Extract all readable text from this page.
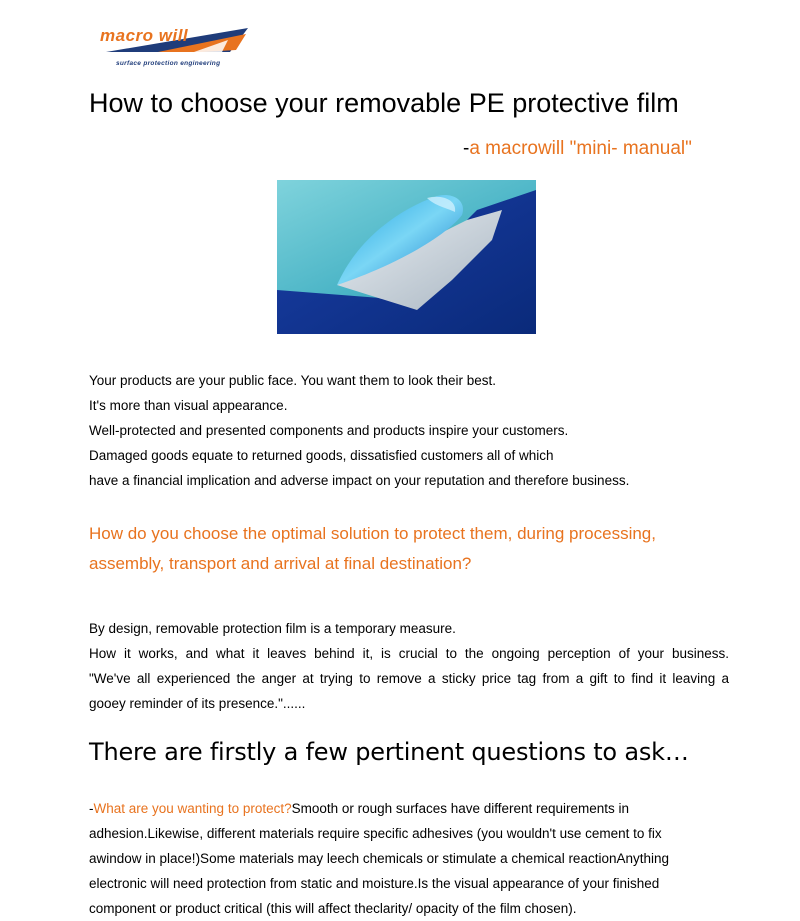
macro will
surface protection engineering
How to choose your removable PE protective film
-a macrowill "mini- manual"

Your products are your public face. You want them to look their best.

It's more than visual appearance.

Well-protected and presented components and products inspire your customers.

Damaged goods equate to returned goods, dissatisfied customers all of which

have a financial implication and adverse impact on your reputation and therefore business.

How do you choose the optimal solution to protect them, during processing,
assembly, transport and arrival at final destination?

By design, removable protection film is a temporary measure.

How it works, and what it leaves behind it, is crucial to the ongoing perception of your business.

"We've all experienced the anger at trying to remove a sticky price tag from a gift to find it leaving a

gooey reminder of its presence."......

There are firstly a few pertinent questions to ask…

-What are you wanting to protect?Smooth or rough surfaces have different requirements in

adhesion.Likewise, different materials require specific adhesives (you wouldn't use cement to fix

awindow in place!)Some materials may leech chemicals or stimulate a chemical reactionAnything

electronic will need protection from static and moisture.Is the visual appearance of your finished

component or product critical (this will affect theclarity/ opacity of the film chosen).
